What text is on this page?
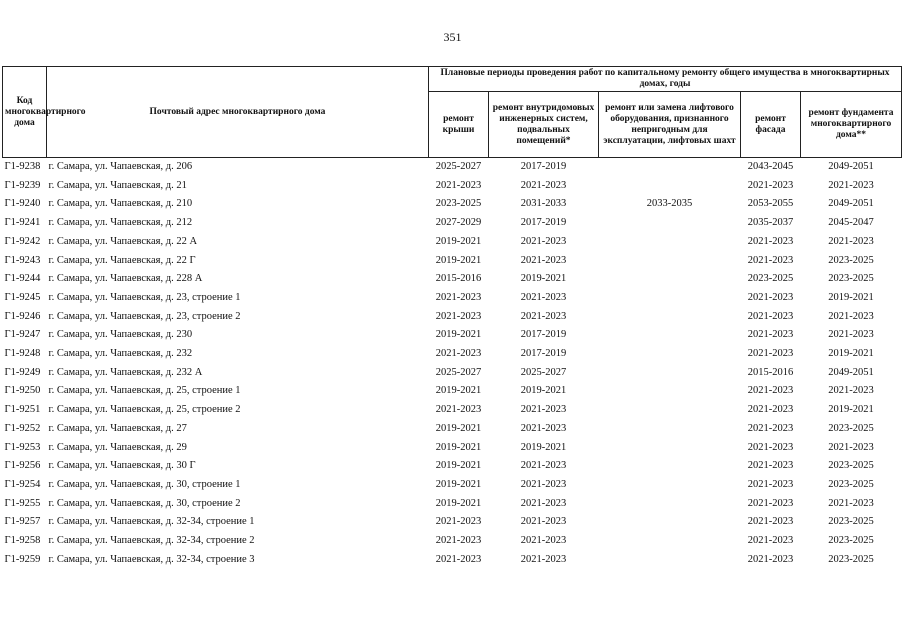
351
Код многоквартирного дома	Почтовый адрес многоквартирного дома	Плановые периоды проведения работ по капитальному ремонту общего имущества в многоквартирных домах, годы				
		ремонт крыши	ремонт внутридомовых инженерных систем, подвальных помещений*	ремонт или замена лифтового оборудования, признанного непригодным для эксплуатации, лифтовых шахт	ремонт фасада	ремонт фундамента многоквартирного дома**
Г1-9238	г. Самара, ул. Чапаевская, д. 206	2025-2027	2017-2019		2043-2045	2049-2051
Г1-9239	г. Самара, ул. Чапаевская, д. 21	2021-2023	2021-2023		2021-2023	2021-2023
Г1-9240	г. Самара, ул. Чапаевская, д. 210	2023-2025	2031-2033	2033-2035	2053-2055	2049-2051
Г1-9241	г. Самара, ул. Чапаевская, д. 212	2027-2029	2017-2019		2035-2037	2045-2047
Г1-9242	г. Самара, ул. Чапаевская, д. 22 А	2019-2021	2021-2023		2021-2023	2021-2023
Г1-9243	г. Самара, ул. Чапаевская, д. 22 Г	2019-2021	2021-2023		2021-2023	2023-2025
Г1-9244	г. Самара, ул. Чапаевская, д. 228 А	2015-2016	2019-2021		2023-2025	2023-2025
Г1-9245	г. Самара, ул. Чапаевская, д. 23, строение 1	2021-2023	2021-2023		2021-2023	2019-2021
Г1-9246	г. Самара, ул. Чапаевская, д. 23, строение 2	2021-2023	2021-2023		2021-2023	2021-2023
Г1-9247	г. Самара, ул. Чапаевская, д. 230	2019-2021	2017-2019		2021-2023	2021-2023
Г1-9248	г. Самара, ул. Чапаевская, д. 232	2021-2023	2017-2019		2021-2023	2019-2021
Г1-9249	г. Самара, ул. Чапаевская, д. 232 А	2025-2027	2025-2027		2015-2016	2049-2051
Г1-9250	г. Самара, ул. Чапаевская, д. 25, строение 1	2019-2021	2019-2021		2021-2023	2021-2023
Г1-9251	г. Самара, ул. Чапаевская, д. 25, строение 2	2021-2023	2021-2023		2021-2023	2019-2021
Г1-9252	г. Самара, ул. Чапаевская, д. 27	2019-2021	2021-2023		2021-2023	2023-2025
Г1-9253	г. Самара, ул. Чапаевская, д. 29	2019-2021	2019-2021		2021-2023	2021-2023
Г1-9256	г. Самара, ул. Чапаевская, д. 30 Г	2019-2021	2021-2023		2021-2023	2023-2025
Г1-9254	г. Самара, ул. Чапаевская, д. 30, строение 1	2019-2021	2021-2023		2021-2023	2023-2025
Г1-9255	г. Самара, ул. Чапаевская, д. 30, строение 2	2019-2021	2021-2023		2021-2023	2021-2023
Г1-9257	г. Самара, ул. Чапаевская, д. 32-34, строение 1	2021-2023	2021-2023		2021-2023	2023-2025
Г1-9258	г. Самара, ул. Чапаевская, д. 32-34, строение 2	2021-2023	2021-2023		2021-2023	2023-2025
Г1-9259	г. Самара, ул. Чапаевская, д. 32-34, строение 3	2021-2023	2021-2023		2021-2023	2023-2025
